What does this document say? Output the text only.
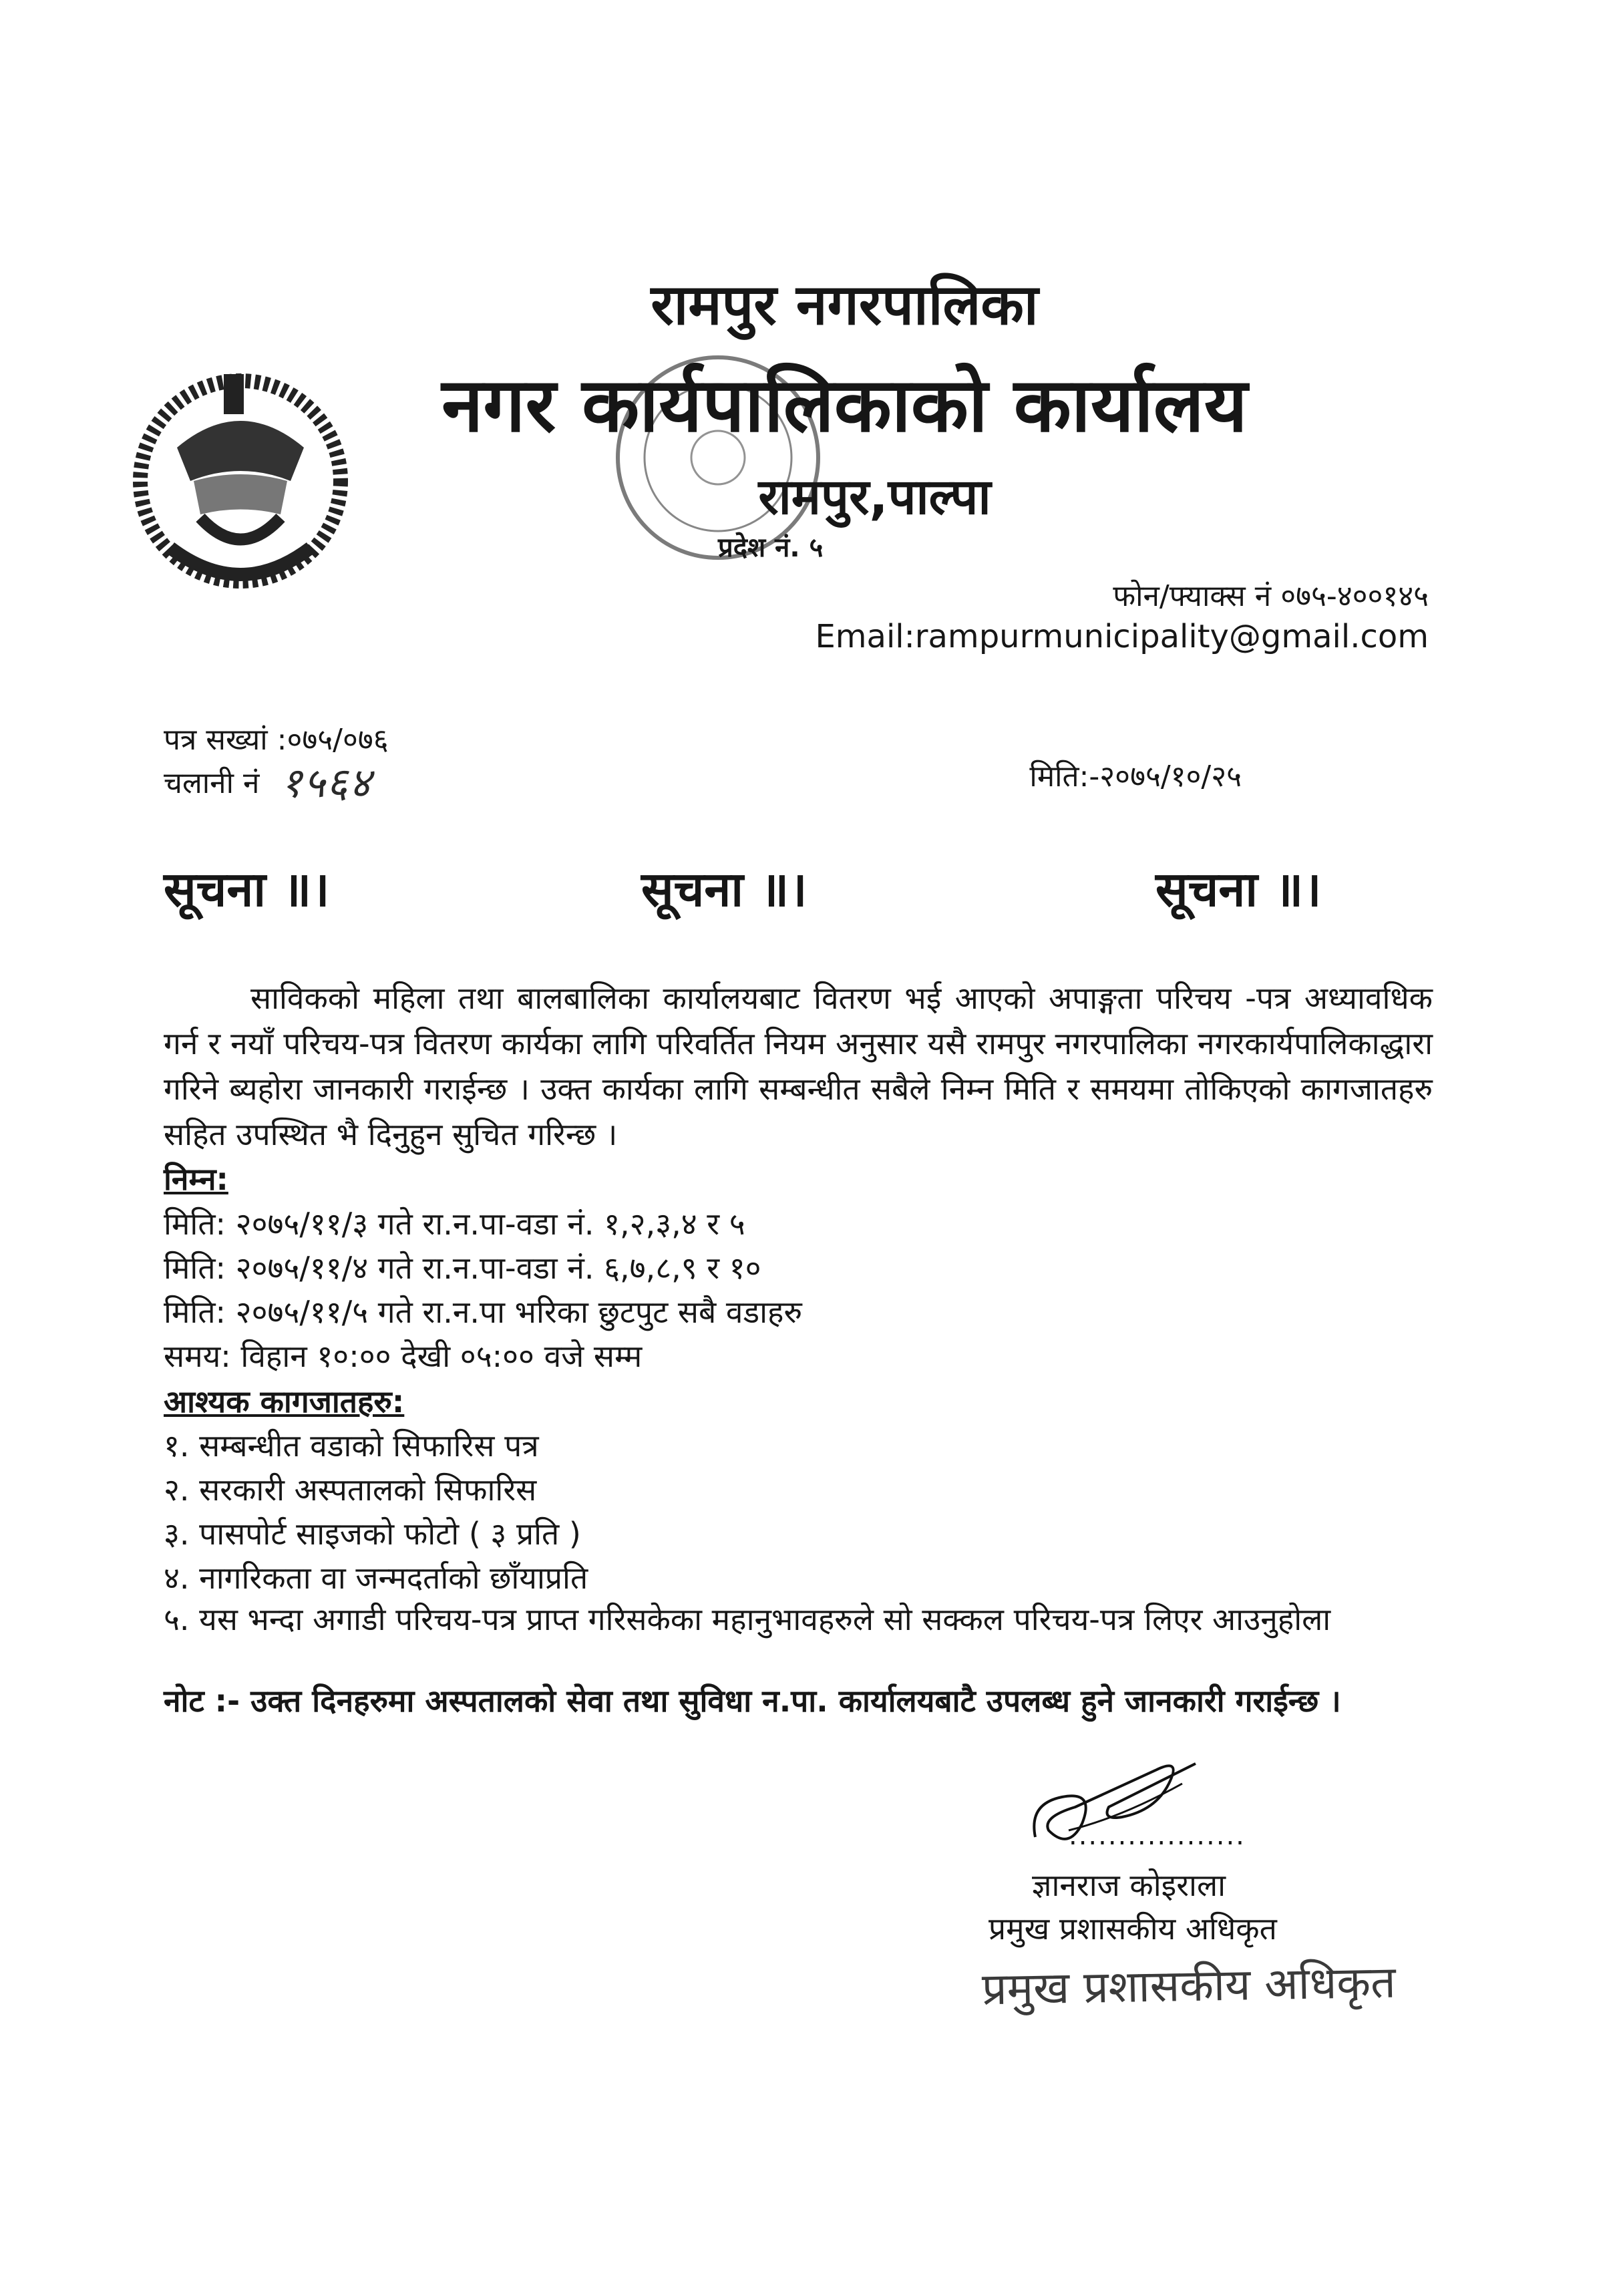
रामपुर नगरपालिका
नगर कार्यपालिकाको कार्यालय
रामपुर,पाल्पा
प्रदेश नं. ५
फोन/फ्याक्स नं ०७५-४००१४५
Email:rampurmunicipality@gmail.com
पत्र सख्यां :०७५/०७६
चलानी नं १५६४	मिति:-२०७५/१०/२५
सूचना ॥।	सूचना ॥।	सूचना ॥।
साविकको महिला तथा बालबालिका कार्यालयबाट वितरण भई आएको अपाङ्गता परिचय -पत्र अध्यावधिक गर्न र नयाँ परिचय-पत्र वितरण कार्यका लागि परिवर्तित नियम अनुसार यसै रामपुर नगरपालिका नगरकार्यपालिकाद्धारा गरिने ब्यहोरा जानकारी गराईन्छ । उक्त कार्यका लागि सम्बन्धीत सबैले निम्न मिति र समयमा तोकिएको कागजातहरु सहित उपस्थित भै दिनुहुन सुचित गरिन्छ ।
निम्न:
मिति: २०७५/११/३ गते रा.न.पा-वडा नं. १,२,३,४ र ५
मिति: २०७५/११/४ गते रा.न.पा-वडा नं. ६,७,८,९ र १०
मिति: २०७५/११/५ गते रा.न.पा भरिका छुटपुट सबै वडाहरु
समय: विहान १०:०० देखी ०५:०० वजे सम्म
आश्यक कागजातहरु:
१. सम्बन्धीत वडाको सिफारिस पत्र
२. सरकारी अस्पतालको सिफारिस
३. पासपोर्ट साइजको फोटो ( ३ प्रति )
४. नागरिकता वा जन्मदर्ताको छाँयाप्रति
५. यस भन्दा अगाडी परिचय-पत्र प्राप्त गरिसकेका महानुभावहरुले सो सक्कल परिचय-पत्र लिएर आउनुहोला
नोट :- उक्त दिनहरुमा अस्पतालको सेवा तथा सुविधा न.पा. कार्यालयबाटै उपलब्ध हुने जानकारी गराईन्छ ।
..................
ज्ञानराज कोइराला
प्रमुख प्रशासकीय अधिकृत
प्रमुख प्रशासकीय अधिकृत
